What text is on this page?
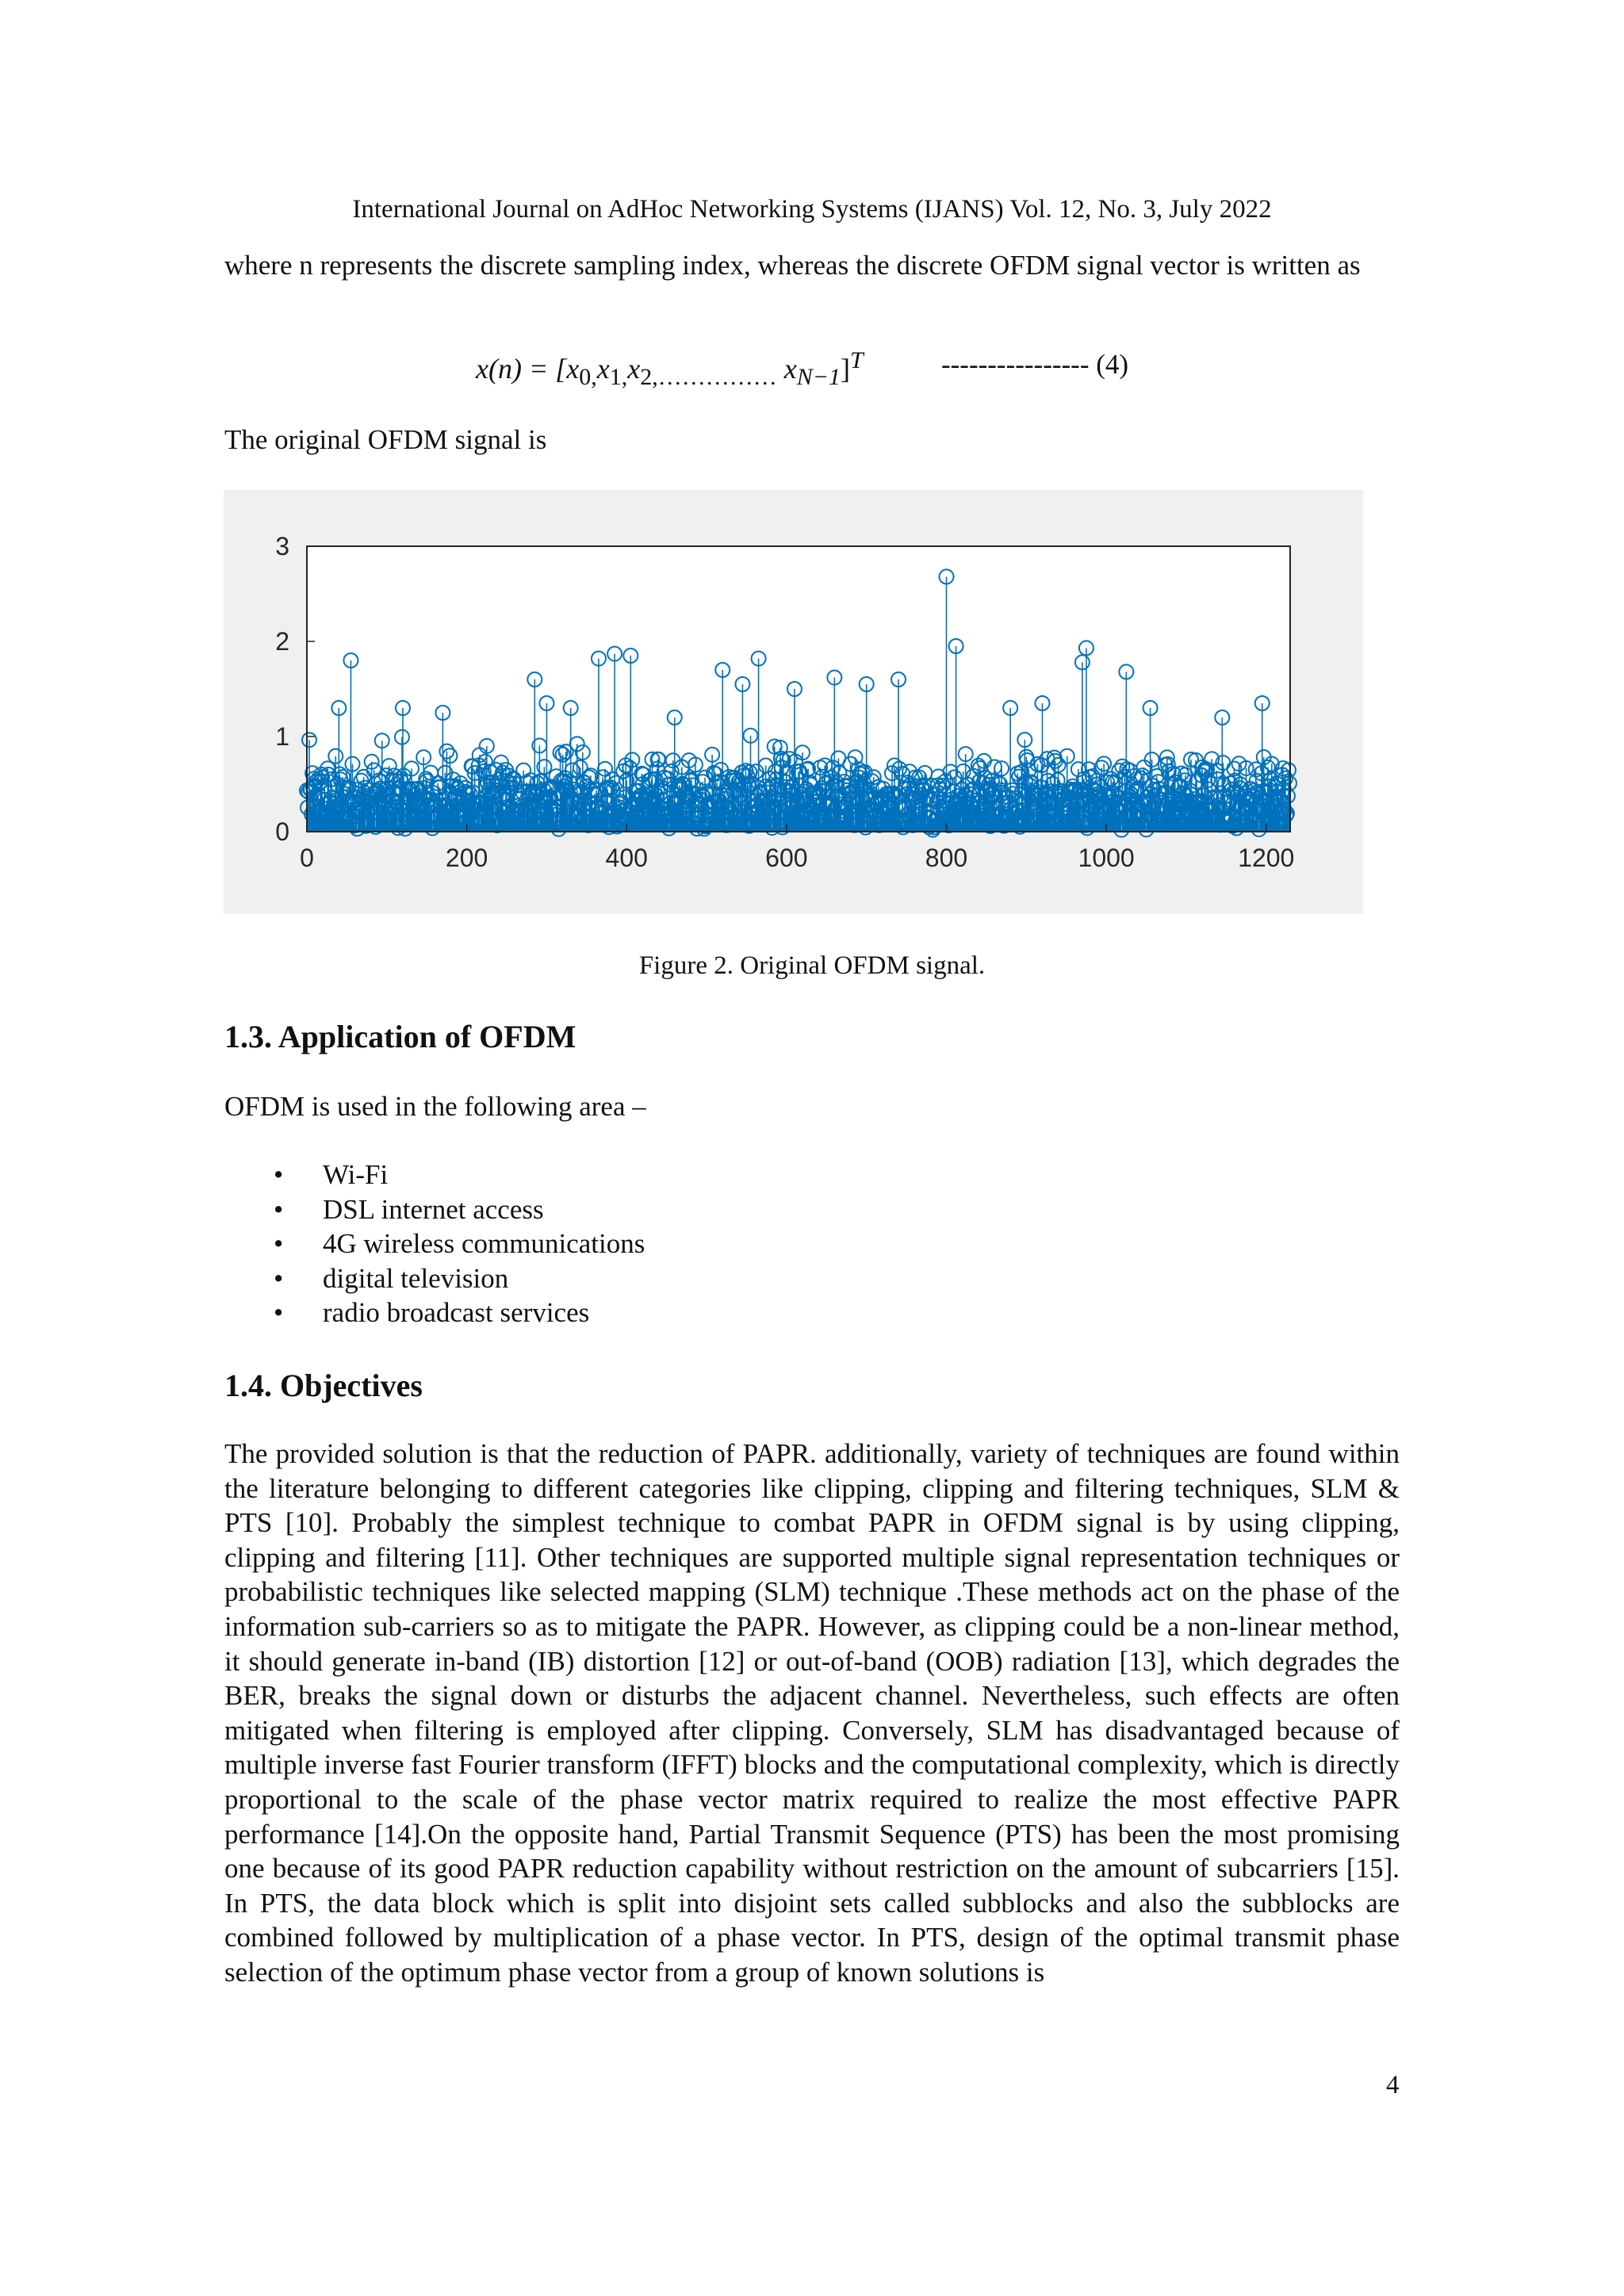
International Journal on AdHoc Networking Systems (IJANS) Vol. 12, No. 3, July 2022
where n represents the discrete sampling index, whereas the discrete OFDM signal vector is written as
$x(n) = [x_{0,}x_{1,}x_{2,\dots\dots\dots\dots\dots}$ $x_{N-1}]^T$	---------------- (4)
The original OFDM signal is
0	200	400	600	800	1000	1200
0
1
2
3
Figure 2. Original OFDM signal.
1.3. Application of OFDM
OFDM is used in the following area –
• Wi-Fi
• DSL internet access
• 4G wireless communications
• digital television
• radio broadcast services
1.4. Objectives
The provided solution is that the reduction of PAPR. additionally, variety of techniques are found within the literature belonging to different categories like clipping, clipping and filtering techniques, SLM & PTS [10]. Probably the simplest technique to combat PAPR in OFDM signal is by using clipping, clipping and filtering [11]. Other techniques are supported multiple signal representation techniques or probabilistic techniques like selected mapping (SLM) technique .These methods act on the phase of the information sub-carriers so as to mitigate the PAPR. However, as clipping could be a non-linear method, it should generate in-band (IB) distortion [12] or out-of-band (OOB) radiation [13], which degrades the BER, breaks the signal down or disturbs the adjacent channel. Nevertheless, such effects are often mitigated when filtering is employed after clipping. Conversely, SLM has disadvantaged because of multiple inverse fast Fourier transform (IFFT) blocks and the computational complexity, which is directly proportional to the scale of the phase vector matrix required to realize the most effective PAPR performance [14].On the opposite hand, Partial Transmit Sequence (PTS) has been the most promising one because of its good PAPR reduction capability without restriction on the amount of subcarriers [15]. In PTS, the data block which is split into disjoint sets called subblocks and also the subblocks are combined followed by multiplication of a phase vector. In PTS, design of the optimal transmit phase selection of the optimum phase vector from a group of known solutions is
4
